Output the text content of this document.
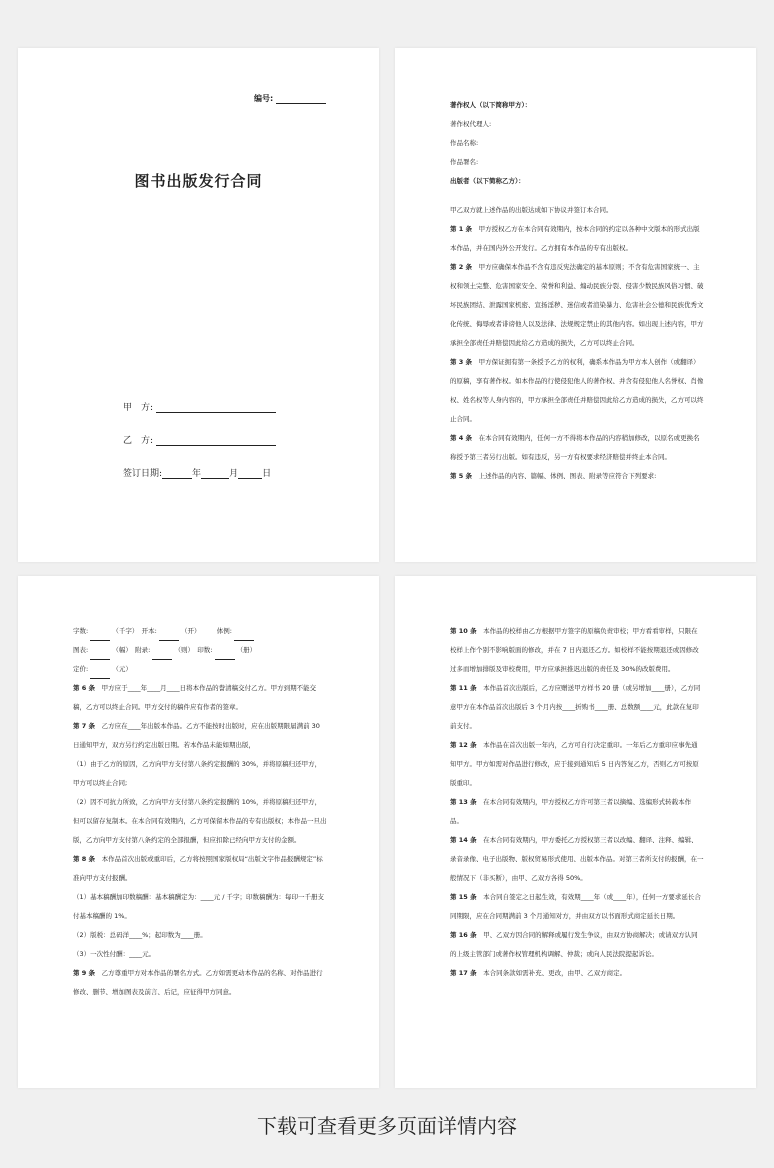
编号:
图书出版发行合同
甲　方:
乙　方:
签订日期:	年	月	日

著作权人（以下简称甲方）：

著作权代理人:

作品名称:

作品署名:

出版者（以下简称乙方）：

甲乙双方就上述作品的出版达成如下协议并签订本合同。

第 1 条　 甲方授权乙方在本合同有效期内，按本合同的约定以各种中文版本的形式出版本作品，并在国内外公开发行。乙方拥有本作品的专有出版权。

第 2 条　 甲方应确保本作品不含有违反宪法确定的基本原则；不含有危害国家统一、主权和领土完整、危害国家安全、荣誉和利益、煽动民族分裂、侵害少数民族风俗习惯、破坏民族团结、泄露国家机密、宣扬淫秽、迷信或者渲染暴力、危害社会公德和民族优秀文化传统、侮辱或者诽谤他人以及法律、法规规定禁止的其他内容。如出现上述内容，甲方承担全部责任并赔偿因此给乙方造成的损失，乙方可以终止合同。

第 3 条　 甲方保证拥有第一条授予乙方的权利，确系本作品为甲方本人创作（或翻译）的原稿，享有著作权。如本作品的行使侵犯他人的著作权、并含有侵犯他人名誉权、肖像权、姓名权等人身内容的，甲方承担全部责任并赔偿因此给乙方造成的损失，乙方可以终止合同。

第 4 条　 在本合同有效期内，任何一方不得将本作品的内容稍加修改，以原名或更换名称授予第三者另行出版。如有违反，另一方有权要求经济赔偿并终止本合同。

第 5 条　 上述作品的内容、篇幅、体例、图表、附录等应符合下列要求:

字数:	（千字）　 开本:	（开）　　　	体例:

图表:	（幅）　 附录:	（则）　 印数:	（册）

定价:	（元）

第 6 条　 甲方应于____年____月____日将本作品的誊清稿交付乙方。甲方到期不能交稿，乙方可以终止合同。甲方交付的稿件应有作者的签章。

第 7 条　 乙方应在____年出版本作品。乙方不能按时出版时，应在出版期限届满前 30 日通知甲方，双方另行约定出版日期。若本作品未能如期出版，

（1）由于乙方的原因，乙方向甲方支付第八条约定报酬的 30%，并将原稿归还甲方，甲方可以终止合同;

（2）因不可抗力所致，乙方向甲方支付第八条约定报酬的 10%，并将原稿归还甲方，但可以留存复制本。在本合同有效期内，乙方可保留本作品的专有出版权；本作品一旦出版，乙方向甲方支付第八条约定的全部报酬，但应扣除已经向甲方支付的金额。

第 8 条　 本作品首次出版或重印后，乙方将按照国家版权局“出版文字作品报酬规定”标准向甲方支付报酬。

（1）基本稿酬加印数稿酬：基本稿酬定为：____元 / 千字；印数稿酬为：每印一千册支付基本稿酬的 1%。

（2）版税：总码洋____%；起印数为____册。

（3）一次性付酬：____元。

第 9 条　 乙方尊重甲方对本作品的署名方式。乙方如需更动本作品的名称、对作品进行修改、删节、增加图表及前言、后记，应征得甲方同意。

第 10 条　 本作品的校样由乙方根据甲方签字的原稿负责审校；甲方看看审样，只限在校样上作个别不影响版面的修改，并在 7 日内退还乙方。如校样不能按期退还或因修改过多而增加排版及审校费用，甲方应承担推迟出版的责任及 30%的改版费用。

第 11 条　 本作品首次出版后，乙方应赠送甲方样书 20 册（或另增加____册），乙方同意甲方在本作品首次出版后 3 个月内按____折购书____册、总数额____元，此款在复印前支付。

第 12 条　 本作品在首次出版一年内，乙方可自行决定重印。一年后乙方重印应事先通知甲方。甲方如需对作品进行修改，应于接到通知后 5 日内答复乙方，否则乙方可按原版重印。

第 13 条　 在本合同有效期内，甲方授权乙方许可第三者以摘编、选编形式转载本作品。

第 14 条　 在本合同有效期内，甲方委托乙方授权第三者以改编、翻译、注释、编辑、录音录像、电子出版物、版权贸易形式使用、出版本作品。对第三者所支付的报酬，在一般情况下（非买断），由甲、乙双方各得 50%。

第 15 条　 本合同自签定之日起生效，有效期____年（或____年），任何一方要求延长合同期限，应在合同期满前 3 个月通知对方，并由双方以书面形式商定延长日期。

第 16 条　 甲、乙双方因合同的解释或履行发生争议，由双方协商解决；或请双方认同的上级主管部门或著作权管理机构调解、仲裁；或向人民法院提起诉讼。

第 17 条　 本合同条款如需补充、更改，由甲、乙双方商定。

下载可查看更多页面详情内容
